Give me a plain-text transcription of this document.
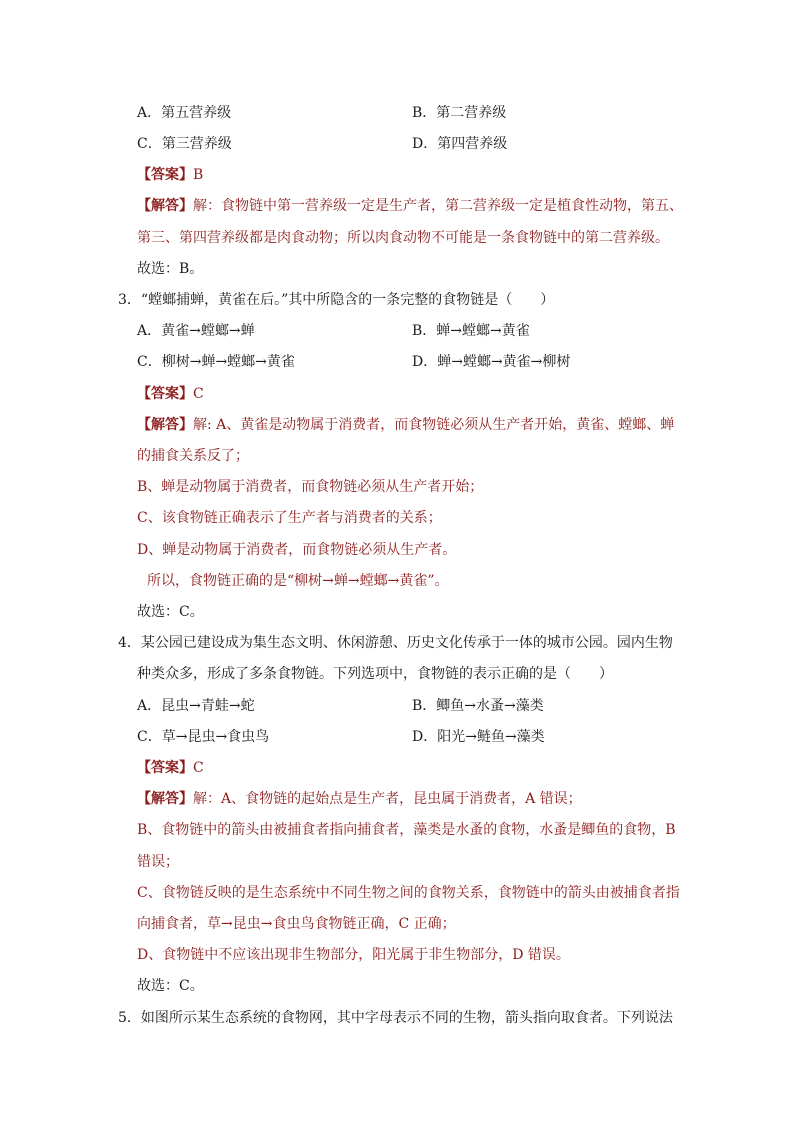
A．第五营养级	B．第二营养级
C．第三营养级	D．第四营养级
【答案】B
【解答】解：食物链中第一营养级一定是生产者，第二营养级一定是植食性动物，第五、
第三、第四营养级都是肉食动物；所以肉食动物不可能是一条食物链中的第二营养级。
故选：B。
3．“螳螂捕蝉，黄雀在后。”其中所隐含的一条完整的食物链是（　　）
A．黄雀→螳螂→蝉	B．蝉→螳螂→黄雀
C．柳树→蝉→螳螂→黄雀	D．蝉→螳螂→黄雀→柳树
【答案】C
【解答】解: A、黄雀是动物属于消费者，而食物链必须从生产者开始，黄雀、螳螂、蝉
的捕食关系反了；
B、蝉是动物属于消费者，而食物链必须从生产者开始；
C、该食物链正确表示了生产者与消费者的关系；
D、蝉是动物属于消费者，而食物链必须从生产者。
所以，食物链正确的是“柳树→蝉→螳螂→黄雀”。
故选：C。
4．某公园已建设成为集生态文明、休闲游憩、历史文化传承于一体的城市公园。园内生物
种类众多，形成了多条食物链。下列选项中，食物链的表示正确的是（　　）
A．昆虫→青蛙→蛇	B．鲫鱼→水蚤→藻类
C．草→昆虫→食虫鸟	D．阳光→鲢鱼→藻类
【答案】C
【解答】解：A、食物链的起始点是生产者，昆虫属于消费者，A 错误；
B、食物链中的箭头由被捕食者指向捕食者，藻类是水蚤的食物，水蚤是鲫鱼的食物，B
错误；
C、食物链反映的是生态系统中不同生物之间的食物关系，食物链中的箭头由被捕食者指
向捕食者，草→昆虫→食虫鸟食物链正确，C 正确；
D、食物链中不应该出现非生物部分，阳光属于非生物部分，D 错误。
故选：C。
5．如图所示某生态系统的食物网，其中字母表示不同的生物，箭头指向取食者。下列说法
